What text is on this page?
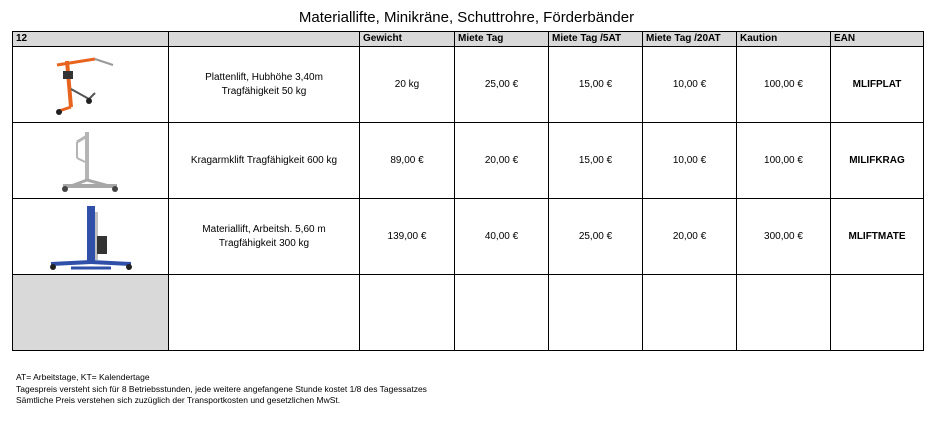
Materiallifte, Minikräne, Schuttrohre, Förderbänder
12		Gewicht	Miete Tag	Miete Tag /5AT	Miete Tag /20AT	Kaution	EAN

Plattenlift, Hubhöhe 3,40m
Tragfähigkeit 50 kg	20 kg	25,00 €	15,00 €	10,00 €	100,00 €	MLIFPLAT

Kragarmklift Tragfähigkeit 600 kg	89,00 €	20,00 €	15,00 €	10,00 €	100,00 €	MILIFKRAG

Materiallift, Arbeitsh. 5,60 m
Tragfähigkeit 300 kg	139,00 €	40,00 €	25,00 €	20,00 €	300,00 €	MLIFTMATE

AT= Arbeitstage, KT= Kalendertage
Tagespreis versteht sich für 8 Betriebsstunden, jede weitere angefangene Stunde kostet 1/8 des Tagessatzes
Sämtliche Preis verstehen sich zuzüglich der Transportkosten und gesetzlichen MwSt.
